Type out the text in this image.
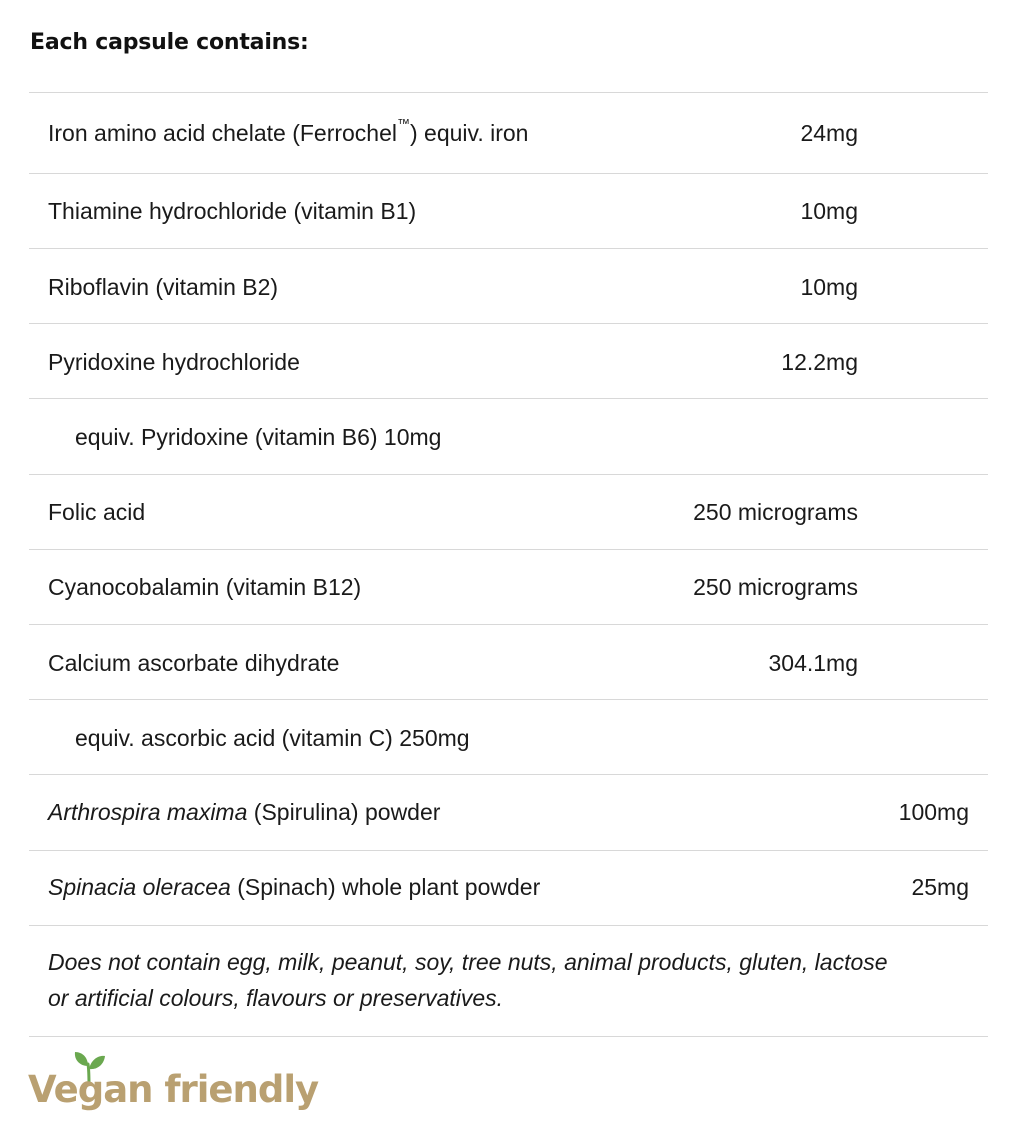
Each capsule contains:
Iron amino acid chelate (Ferrochel™) equiv. iron	24mg
Thiamine hydrochloride (vitamin B1)	10mg
Riboflavin (vitamin B2)	10mg
Pyridoxine hydrochloride	12.2mg
equiv. Pyridoxine (vitamin B6) 10mg
Folic acid	250 micrograms
Cyanocobalamin (vitamin B12)	250 micrograms
Calcium ascorbate dihydrate	304.1mg
equiv. ascorbic acid (vitamin C) 250mg
Arthrospira maxima (Spirulina) powder	100mg
Spinacia oleracea (Spinach) whole plant powder	25mg

Does not contain egg, milk, peanut, soy, tree nuts, animal products, gluten, lactose or artificial colours, flavours or preservatives.

Vegan friendly
